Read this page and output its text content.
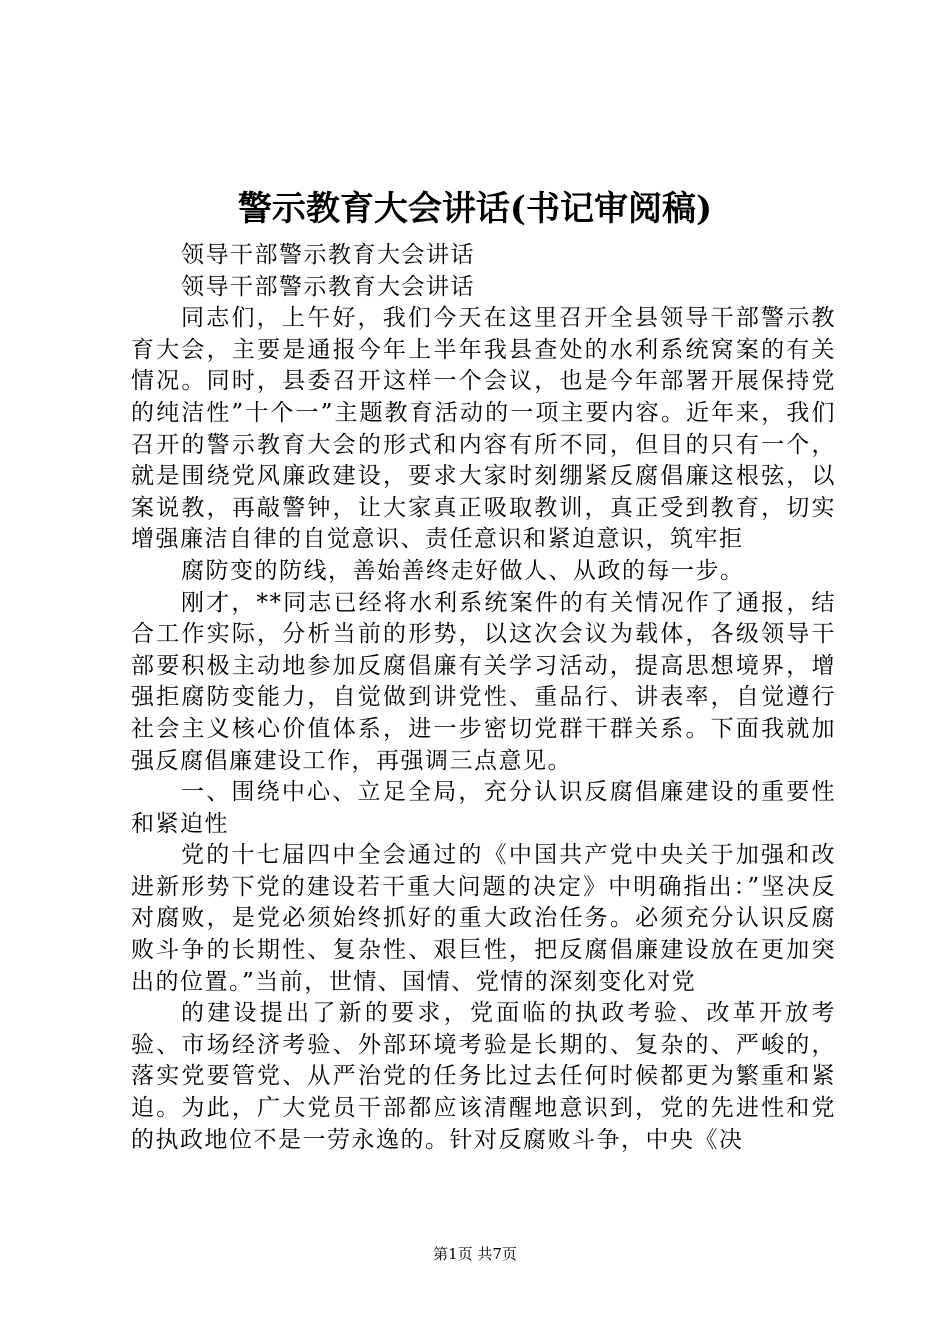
警示教育大会讲话(书记审阅稿)

领导干部警示教育大会讲话

领导干部警示教育大会讲话

同志们，上午好，我们今天在这里召开全县领导干部警示教育大会，主要是通报今年上半年我县查处的水利系统窝案的有关情况。同时，县委召开这样一个会议，也是今年部署开展保持党的纯洁性”十个一”主题教育活动的一项主要内容。近年来，我们召开的警示教育大会的形式和内容有所不同，但目的只有一个，就是围绕党风廉政建设，要求大家时刻绷紧反腐倡廉这根弦，以案说教，再敲警钟，让大家真正吸取教训，真正受到教育，切实增强廉洁自律的自觉意识、责任意识和紧迫意识，筑牢拒

腐防变的防线，善始善终走好做人、从政的每一步。

刚才，**同志已经将水利系统案件的有关情况作了通报，结合工作实际，分析当前的形势，以这次会议为载体，各级领导干部要积极主动地参加反腐倡廉有关学习活动，提高思想境界，增强拒腐防变能力，自觉做到讲党性、重品行、讲表率，自觉遵行社会主义核心价值体系，进一步密切党群干群关系。下面我就加强反腐倡廉建设工作，再强调三点意见。

一、围绕中心、立足全局，充分认识反腐倡廉建设的重要性和紧迫性

党的十七届四中全会通过的《中国共产党中央关于加强和改进新形势下党的建设若干重大问题的决定》中明确指出：”坚决反对腐败，是党必须始终抓好的重大政治任务。必须充分认识反腐败斗争的长期性、复杂性、艰巨性，把反腐倡廉建设放在更加突出的位置。”当前，世情、国情、党情的深刻变化对党

的建设提出了新的要求，党面临的执政考验、改革开放考验、市场经济考验、外部环境考验是长期的、复杂的、严峻的，落实党要管党、从严治党的任务比过去任何时候都更为繁重和紧迫。为此，广大党员干部都应该清醒地意识到，党的先进性和党的执政地位不是一劳永逸的。针对反腐败斗争，中央《决

第1页 共7页
